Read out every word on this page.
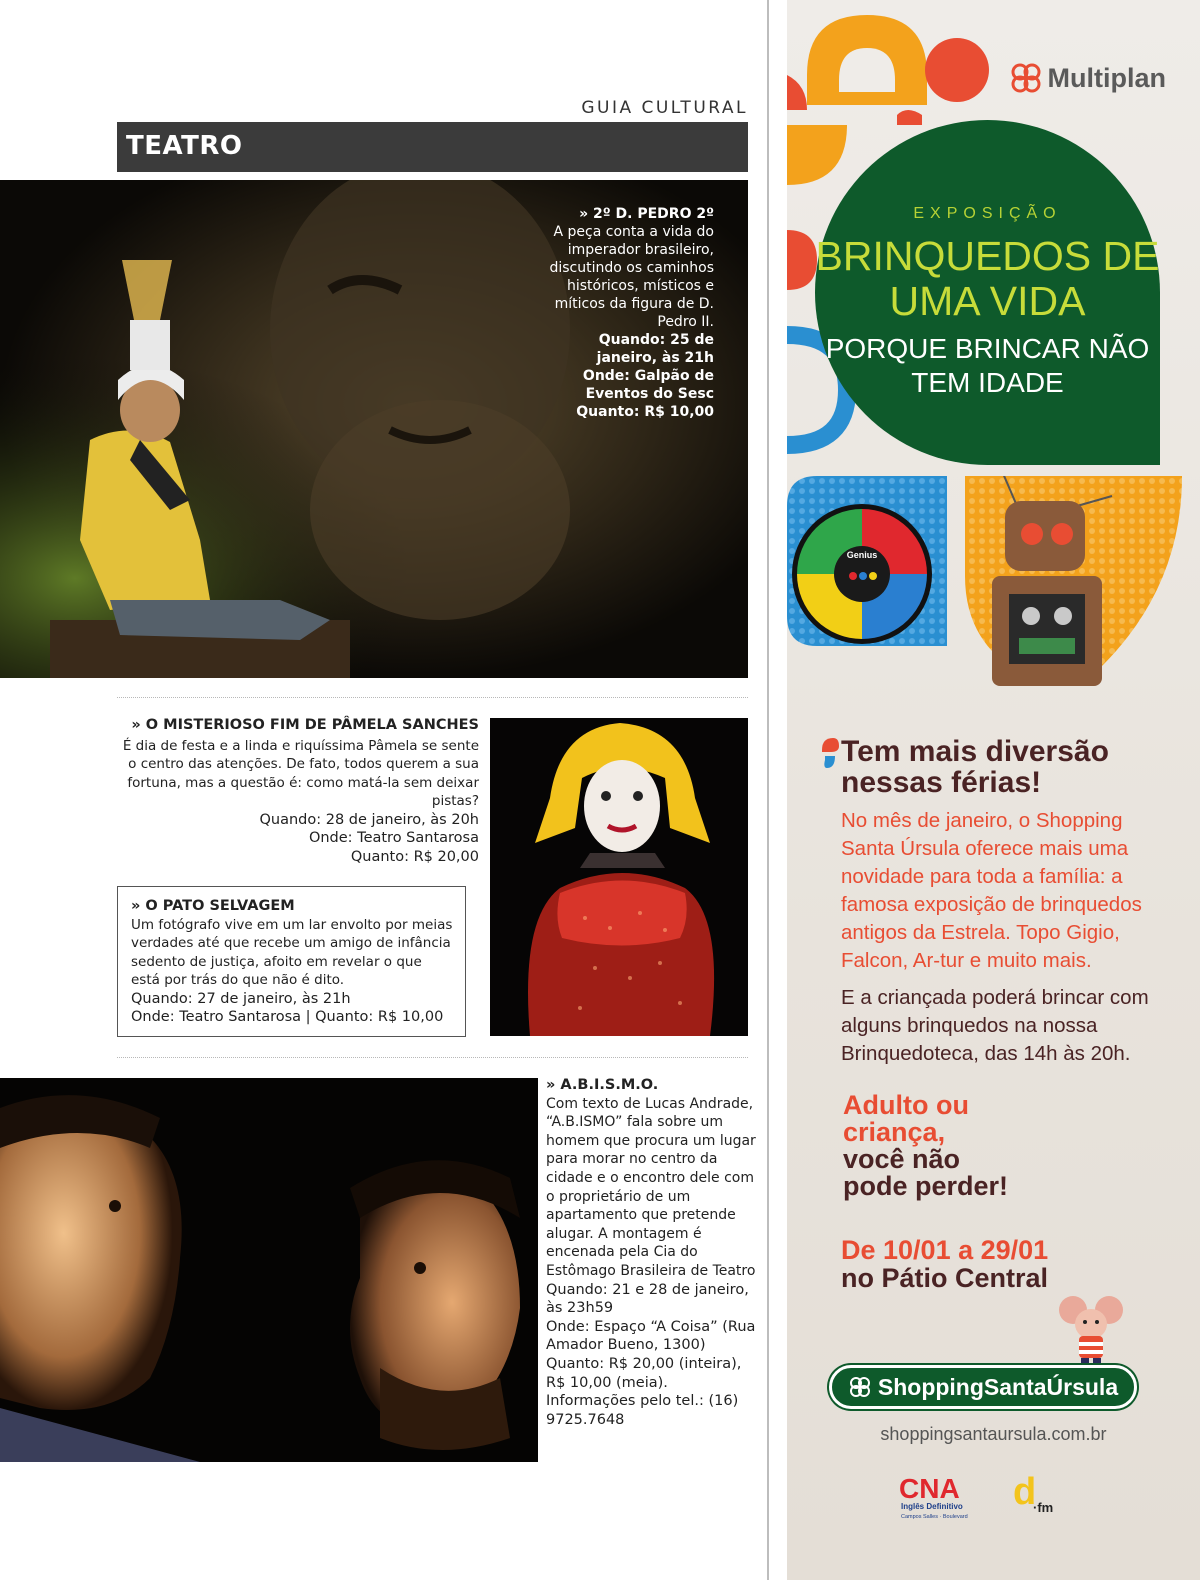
GUIA CULTURAL
TEATRO
» 2º D. PEDRO 2º
A peça conta a vida do imperador brasileiro, discutindo os caminhos históricos, místicos e míticos da figura de D. Pedro II.
Quando: 25 de janeiro, às 21h
Onde: Galpão de Eventos do Sesc
Quanto: R$ 10,00
» O MISTERIOSO FIM DE PÂMELA SANCHES
É dia de festa e a linda e riquíssima Pâmela se sente o centro das atenções. De fato, todos querem a sua fortuna, mas a questão é: como matá-la sem deixar pistas?
Quando: 28 de janeiro, às 20h
Onde: Teatro Santarosa
Quanto: R$ 20,00
» O PATO SELVAGEM
Um fotógrafo vive em um lar envolto por meias verdades até que recebe um amigo de infância sedento de justiça, afoito em revelar o que está por trás do que não é dito.
Quando: 27 de janeiro, às 21h
Onde: Teatro Santarosa | Quanto: R$ 10,00
» A.B.I.S.M.O.
Com texto de Lucas Andrade, “A.B.ISMO” fala sobre um homem que procura um lugar para morar no centro da cidade e o encontro dele com o proprietário de um apartamento que pretende alugar. A montagem é encenada pela Cia do Estômago Brasileira de Teatro
Quando: 21 e 28 de janeiro, às 23h59
Onde: Espaço “A Coisa” (Rua Amador Bueno, 1300)
Quanto: R$ 20,00 (inteira), R$ 10,00 (meia).
Informações pelo tel.: (16) 9725.7648
Multiplan
EXPOSIÇÃO
BRINQUEDOS DE UMA VIDA
PORQUE BRINCAR NÃO TEM IDADE
Genius
Tem mais diversão
nessas férias!
No mês de janeiro, o Shopping Santa Úrsula oferece mais uma novidade para toda a família: a famosa exposição de brinquedos antigos da Estrela. Topo Gigio, Falcon, Ar-tur e muito mais.
E a criançada poderá brincar com alguns brinquedos na nossa Brinquedoteca, das 14h às 20h.
Adulto ou
criança,
você não
pode perder!
De 10/01 a 29/01
no Pátio Central
ShoppingSantaÚrsula
shoppingsantaursula.com.br
CNA
Inglês Definitivo
Campos Salles · Boulevard
d
·fm
